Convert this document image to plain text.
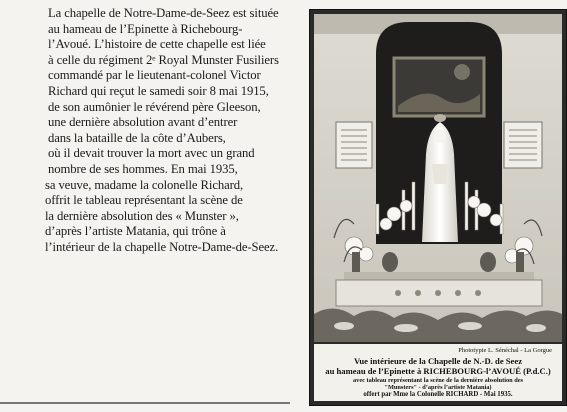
La chapelle de Notre-Dame-de-Seez est située
au hameau de l’Epinette à Richebourg-
l’Avoué. L’histoire de cette chapelle est liée
à celle du régiment 2ᵉ Royal Munster Fusiliers
commandé par le lieutenant-colonel Victor
Richard qui reçut le samedi soir 8 mai 1915,
de son aumônier le révérend père Gleeson,
une dernière absolution avant d’entrer
dans la bataille de la côte d’Aubers,
où il devait trouver la mort avec un grand
nombre de ses hommes. En mai 1935,
sa veuve, madame la colonelle Richard,
offrit le tableau représentant la scène de
la dernière absolution des « Munster »,
d’après l’artiste Matania, qui trône à
l’intérieur de la chapelle Notre-Dame-de-Seez.
Phototypie L. Sénéchal - La Gorgue
Vue intérieure de la Chapelle de N.-D. de Seez
au hameau de l’Epinette à RICHEBOURG-l’AVOUÉ (P.d.C.)
avec tableau représentant la scène de la dernière absolution des
"Munsters" - d’après l’artiste Matania)
offert par Mme la Colonelle RICHARD - Mai 1935.
